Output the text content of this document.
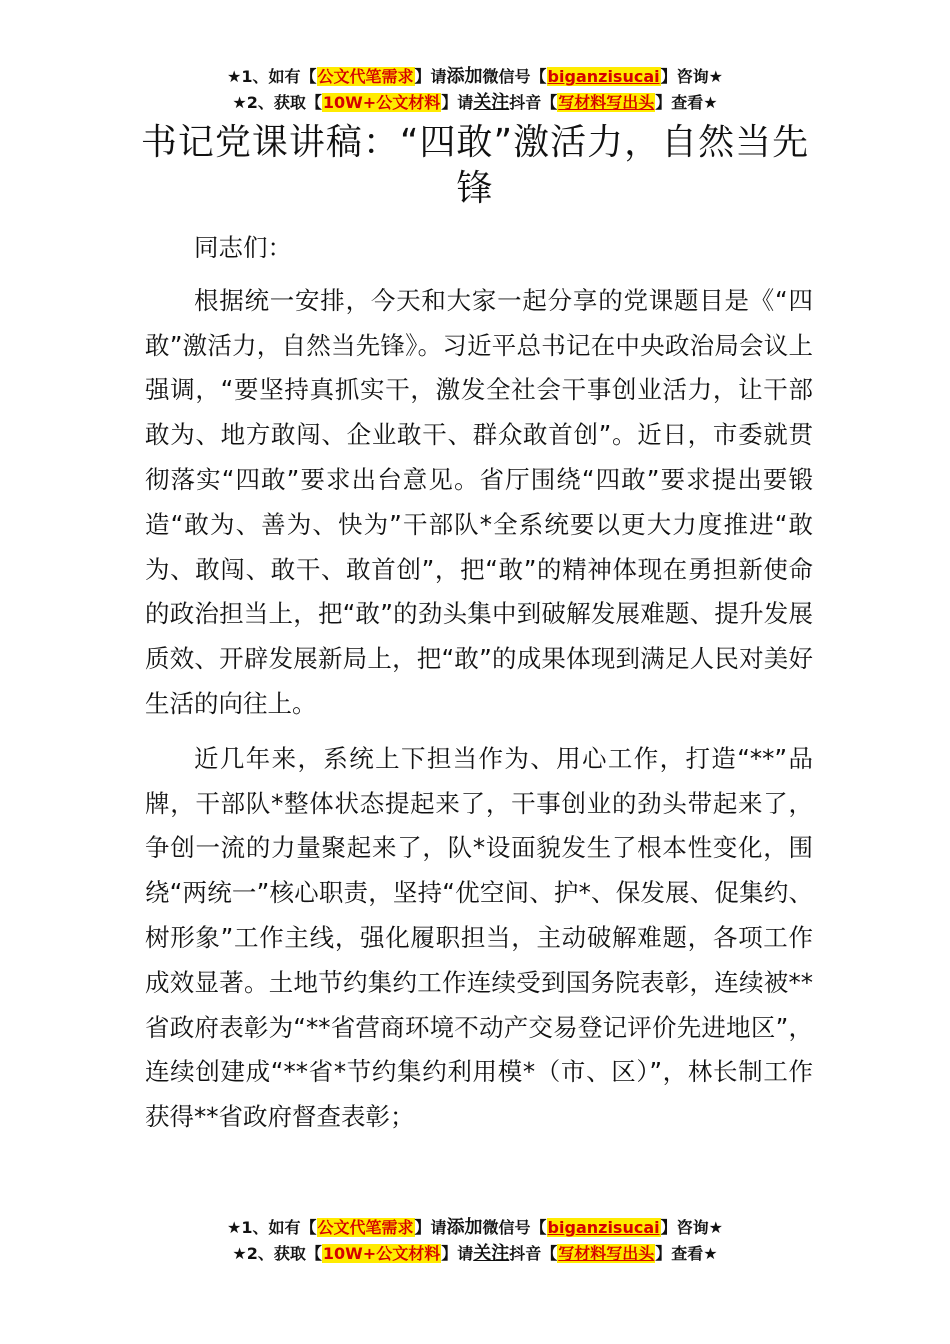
★1、如有【公文代笔需求】请添加微信号【biganzisucai】咨询★
★2、获取【10W+公文材料】请关注抖音【写材料写出头】查看★
书记党课讲稿：“四敢”激活力，自然当先锋

同志们：

根据统一安排，今天和大家一起分享的党课题目是《“四敢”激活力，自然当先锋》。习近平总书记在中央政治局会议上强调，“要坚持真抓实干，激发全社会干事创业活力，让干部敢为、地方敢闯、企业敢干、群众敢首创”。近日，市委就贯彻落实“四敢”要求出台意见。省厅围绕“四敢”要求提出要锻造“敢为、善为、快为”干部队*全系统要以更大力度推进“敢为、敢闯、敢干、敢首创”，把“敢”的精神体现在勇担新使命的政治担当上，把“敢”的劲头集中到破解发展难题、提升发展质效、开辟发展新局上，把“敢”的成果体现到满足人民对美好生活的向往上。

近几年来，系统上下担当作为、用心工作，打造“**”品牌，干部队*整体状态提起来了，干事创业的劲头带起来了，争创一流的力量聚起来了，队*设面貌发生了根本性变化，围绕“两统一”核心职责，坚持“优空间、护*、保发展、促集约、树形象”工作主线，强化履职担当，主动破解难题，各项工作成效显著。土地节约集约工作连续受到国务院表彰，连续被**省政府表彰为“**省营商环境不动产交易登记评价先进地区”，连续创建成“**省*节约集约利用模*（市、区）”，林长制工作获得**省政府督查表彰；

★1、如有【公文代笔需求】请添加微信号【biganzisucai】咨询★
★2、获取【10W+公文材料】请关注抖音【写材料写出头】查看★
